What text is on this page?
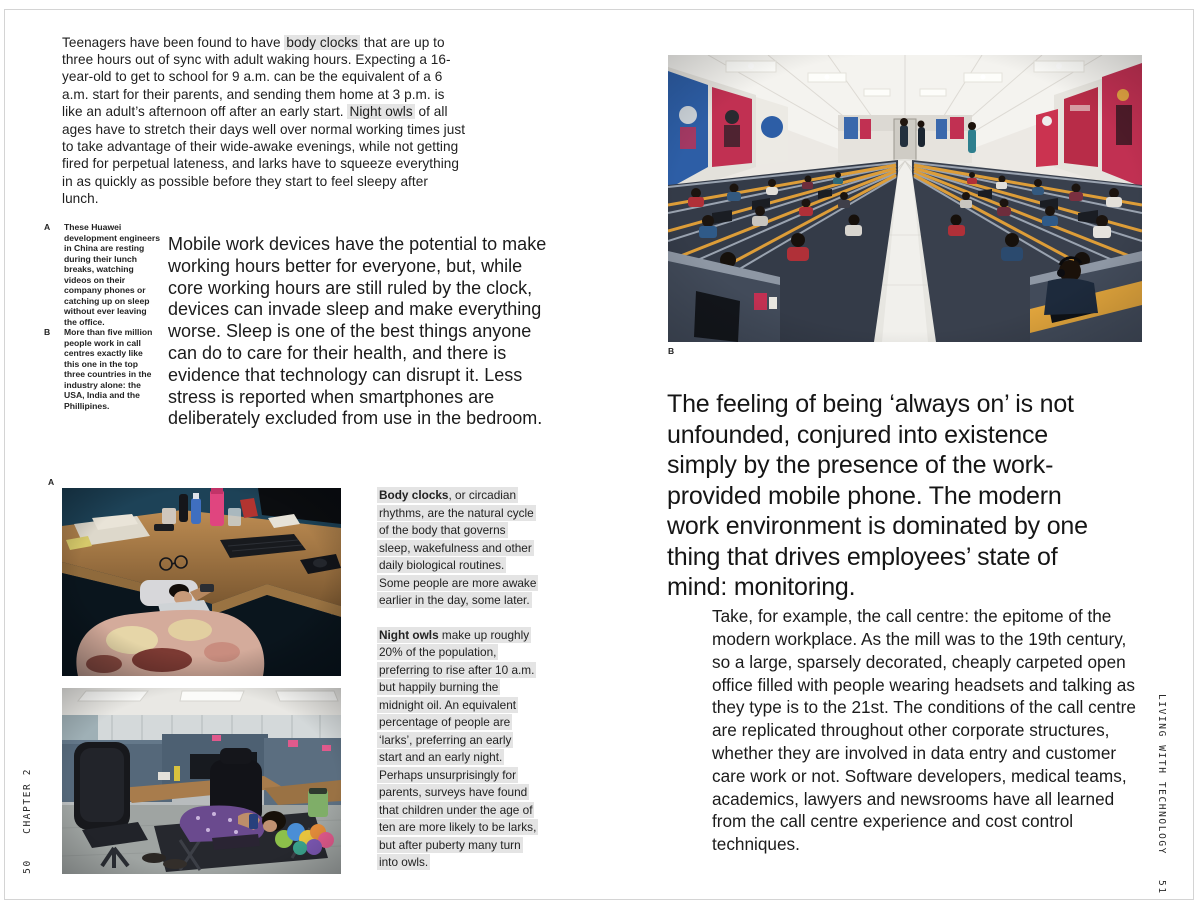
Teenagers have been found to have body clocks that are up to three hours out of sync with adult waking hours. Expecting a 16-year-old to get to school for 9 a.m. can be the equivalent of a 6 a.m. start for their parents, and sending them home at 3 p.m. is like an adult’s afternoon off after an early start. Night owls of all ages have to stretch their days well over normal working times just to take advantage of their wide-awake evenings, while not getting fired for perpetual lateness, and larks have to squeeze everything in as quickly as possible before they start to feel sleepy after lunch.

A	These Huawei development engineers in China are resting during their lunch breaks, watching videos on their company phones or catching up on sleep without ever leaving the office.
B	More than five million people work in call centres exactly like this one in the top three countries in the industry alone: the USA, India and the Phillipines.

Mobile work devices have the potential to make working hours better for everyone, but, while core working hours are still ruled by the clock, devices can invade sleep and make everything worse. Sleep is one of the best things anyone can do to care for their health, and there is evidence that technology can disrupt it. Less stress is reported when smartphones are deliberately excluded from use in the bedroom.

A

Body clocks, or circadian rhythms, are the natural cycle of the body that governs sleep, wakefulness and other daily biological routines. Some people are more awake earlier in the day, some later.

Night owls make up roughly 20% of the population, preferring to rise after 10 a.m. but happily burning the midnight oil. An equivalent percentage of people are ‘larks’, preferring an early start and an early night. Perhaps unsurprisingly for parents, surveys have found that children under the age of ten are more likely to be larks, but after puberty many turn into owls.

50 CHAPTER 2
B

The feeling of being ‘always on’ is not unfounded, conjured into existence simply by the presence of the work-provided mobile phone. The modern work environment is dominated by one thing that drives employees’ state of mind: monitoring.

Take, for example, the call centre: the epitome of the modern workplace. As the mill was to the 19th century, so a large, sparsely decorated, cheaply carpeted open office filled with people wearing headsets and talking as they type is to the 21st. The conditions of the call centre are replicated throughout other corporate structures, whether they are involved in data entry and customer care work or not. Software developers, medical teams, academics, lawyers and newsrooms have all learned from the call centre experience and cost control techniques.	LIVING WITH TECHNOLOGY 51
